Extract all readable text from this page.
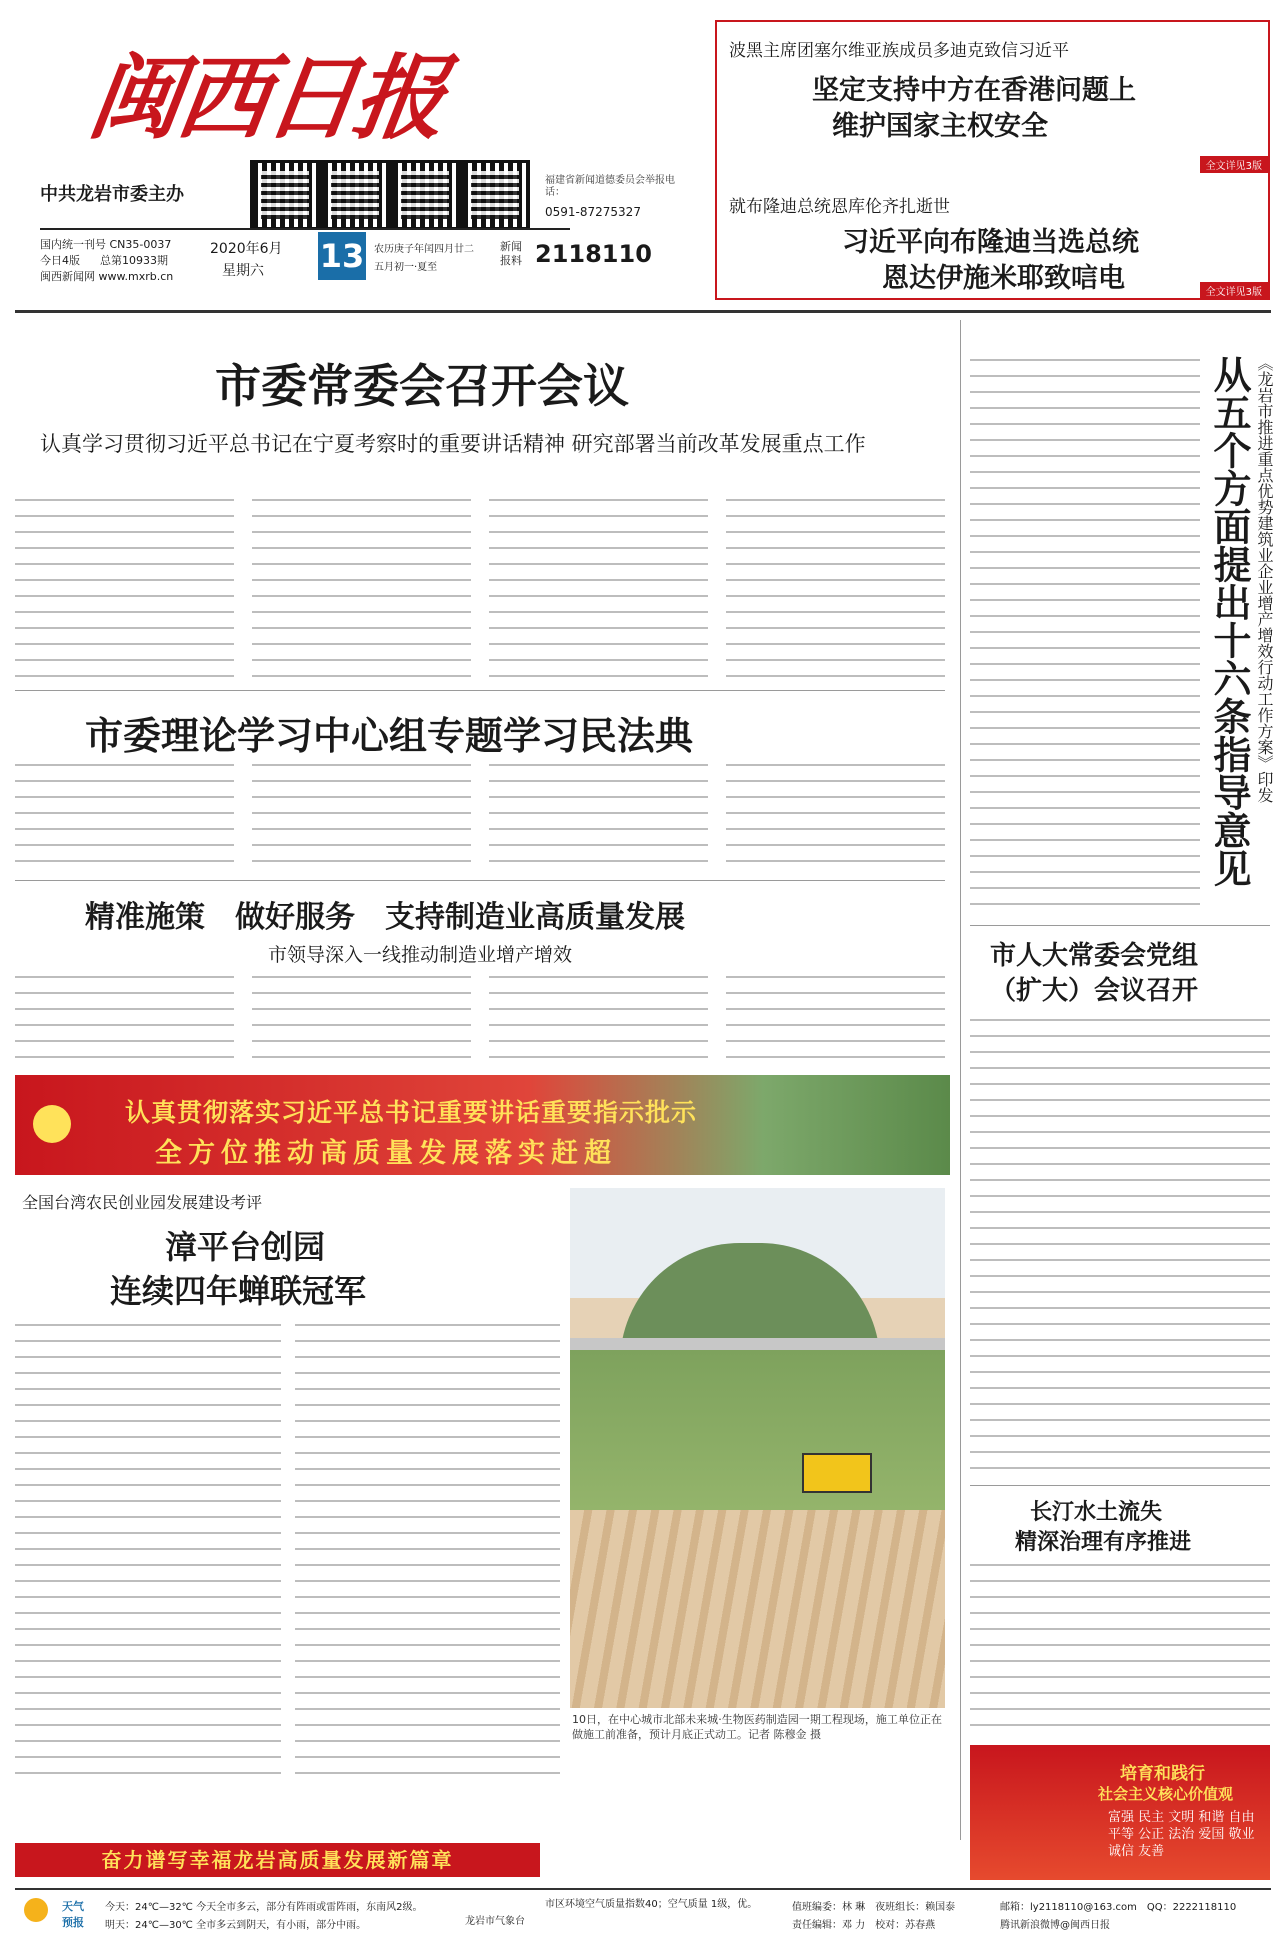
闽西日报
中共龙岩市委主办
福建省新闻道德委员会举报电话：
0591-87275327
国内统一刊号 CN35-0037
今日4版 总第10933期
闽西新闻网 www.mxrb.cn
2020年6月
星期六 13 农历庚子年闰四月廿二
五月初一·夏至
新闻报料 2118110
波黑主席团塞尔维亚族成员多迪克致信习近平
坚定支持中方在香港问题上
维护国家主权安全
全文详见3版
就布隆迪总统恩库伦齐扎逝世
习近平向布隆迪当选总统
恩达伊施米耶致唁电	全文详见3版
市委常委会召开会议
认真学习贯彻习近平总书记在宁夏考察时的重要讲话精神 研究部署当前改革发展重点工作
市委理论学习中心组专题学习民法典
精准施策　做好服务　支持制造业高质量发展
市领导深入一线推动制造业增产增效
认真贯彻落实习近平总书记重要讲话重要指示批示
全方位推动高质量发展落实赶超
全国台湾农民创业园发展建设考评
漳平台创园
连续四年蝉联冠军
10日，在中心城市北部未来城·生物医药制造园一期工程现场，施工单位正在做施工前准备，预计月底正式动工。记者 陈穆金 摄
奋力谱写幸福龙岩高质量发展新篇章
从五个方面提出十六条指导意见 《龙岩市推进重点优势建筑业企业增产增效行动工作方案》印发
市人大常委会党组
（扩大）会议召开
长汀水土流失
精深治理有序推进
培育和践行
社会主义核心价值观
富强 民主 文明 和谐 自由 平等 公正 法治 爱国 敬业 诚信 友善
天气
预报
今天：24℃—32℃ 今天全市多云，部分有阵雨或雷阵雨，东南风2级。
明天：24℃—30℃ 全市多云到阴天，有小雨，部分中雨。	龙岩市气象台
市区环境空气质量指数40；空气质量 1级，优。	值班编委：林 琳　夜班组长：赖国泰
责任编辑：邓 力　校对：苏春燕
邮箱：ly2118110@163.com　QQ：2222118110
腾讯新浪微博@闽西日报
